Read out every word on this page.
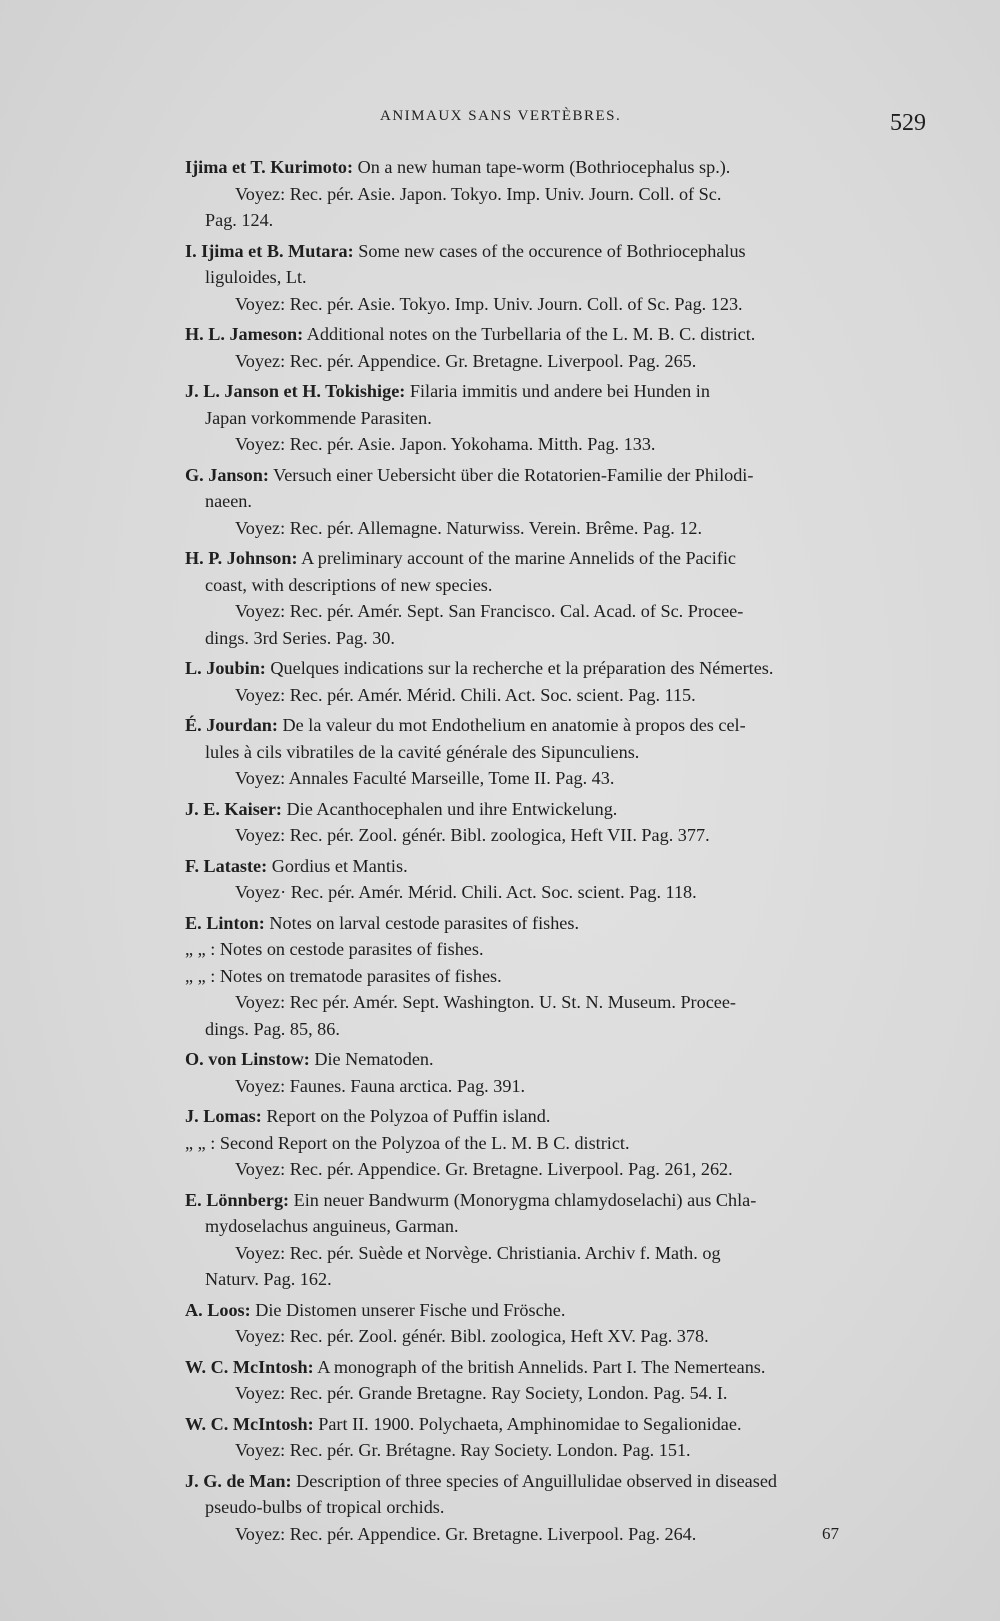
ANIMAUX SANS VERTÈBRES.	529
Ijima et T. Kurimoto: On a new human tape-worm (Bothriocephalus sp.).
Voyez: Rec. pér. Asie. Japon. Tokyo. Imp. Univ. Journ. Coll. of Sc.
Pag. 124.
I. Ijima et B. Mutara: Some new cases of the occurence of Bothriocephalus
liguloides, Lt.
Voyez: Rec. pér. Asie. Tokyo. Imp. Univ. Journ. Coll. of Sc. Pag. 123.
H. L. Jameson: Additional notes on the Turbellaria of the L. M. B. C. district.
Voyez: Rec. pér. Appendice. Gr. Bretagne. Liverpool. Pag. 265.
J. L. Janson et H. Tokishige: Filaria immitis und andere bei Hunden in
Japan vorkommende Parasiten.
Voyez: Rec. pér. Asie. Japon. Yokohama. Mitth. Pag. 133.
G. Janson: Versuch einer Uebersicht über die Rotatorien-Familie der Philodi-
naeen.
Voyez: Rec. pér. Allemagne. Naturwiss. Verein. Brême. Pag. 12.
H. P. Johnson: A preliminary account of the marine Annelids of the Pacific
coast, with descriptions of new species.
Voyez: Rec. pér. Amér. Sept. San Francisco. Cal. Acad. of Sc. Procee-
dings. 3rd Series. Pag. 30.
L. Joubin: Quelques indications sur la recherche et la préparation des Némertes.
Voyez: Rec. pér. Amér. Mérid. Chili. Act. Soc. scient. Pag. 115.
É. Jourdan: De la valeur du mot Endothelium en anatomie à propos des cel-
lules à cils vibratiles de la cavité générale des Sipunculiens.
Voyez: Annales Faculté Marseille, Tome II. Pag. 43.
J. E. Kaiser: Die Acanthocephalen und ihre Entwickelung.
Voyez: Rec. pér. Zool. génér. Bibl. zoologica, Heft VII. Pag. 377.
F. Lataste: Gordius et Mantis.
Voyez· Rec. pér. Amér. Mérid. Chili. Act. Soc. scient. Pag. 118.
E. Linton: Notes on larval cestode parasites of fishes.
„ „ : Notes on cestode parasites of fishes.
„ „ : Notes on trematode parasites of fishes.
Voyez: Rec pér. Amér. Sept. Washington. U. St. N. Museum. Procee-
dings. Pag. 85, 86.
O. von Linstow: Die Nematoden.
Voyez: Faunes. Fauna arctica. Pag. 391.
J. Lomas: Report on the Polyzoa of Puffin island.
„ „ : Second Report on the Polyzoa of the L. M. B C. district.
Voyez: Rec. pér. Appendice. Gr. Bretagne. Liverpool. Pag. 261, 262.
E. Lönnberg: Ein neuer Bandwurm (Monorygma chlamydoselachi) aus Chla-
mydoselachus anguineus, Garman.
Voyez: Rec. pér. Suède et Norvège. Christiania. Archiv f. Math. og
Naturv. Pag. 162.
A. Loos: Die Distomen unserer Fische und Frösche.
Voyez: Rec. pér. Zool. génér. Bibl. zoologica, Heft XV. Pag. 378.
W. C. McIntosh: A monograph of the british Annelids. Part I. The Nemerteans.
Voyez: Rec. pér. Grande Bretagne. Ray Society, London. Pag. 54. I.
W. C. McIntosh: Part II. 1900. Polychaeta, Amphinomidae to Segalionidae.
Voyez: Rec. pér. Gr. Brétagne. Ray Society. London. Pag. 151.
J. G. de Man: Description of three species of Anguillulidae observed in diseased
pseudo-bulbs of tropical orchids.
Voyez: Rec. pér. Appendice. Gr. Bretagne. Liverpool. Pag. 264.	67
